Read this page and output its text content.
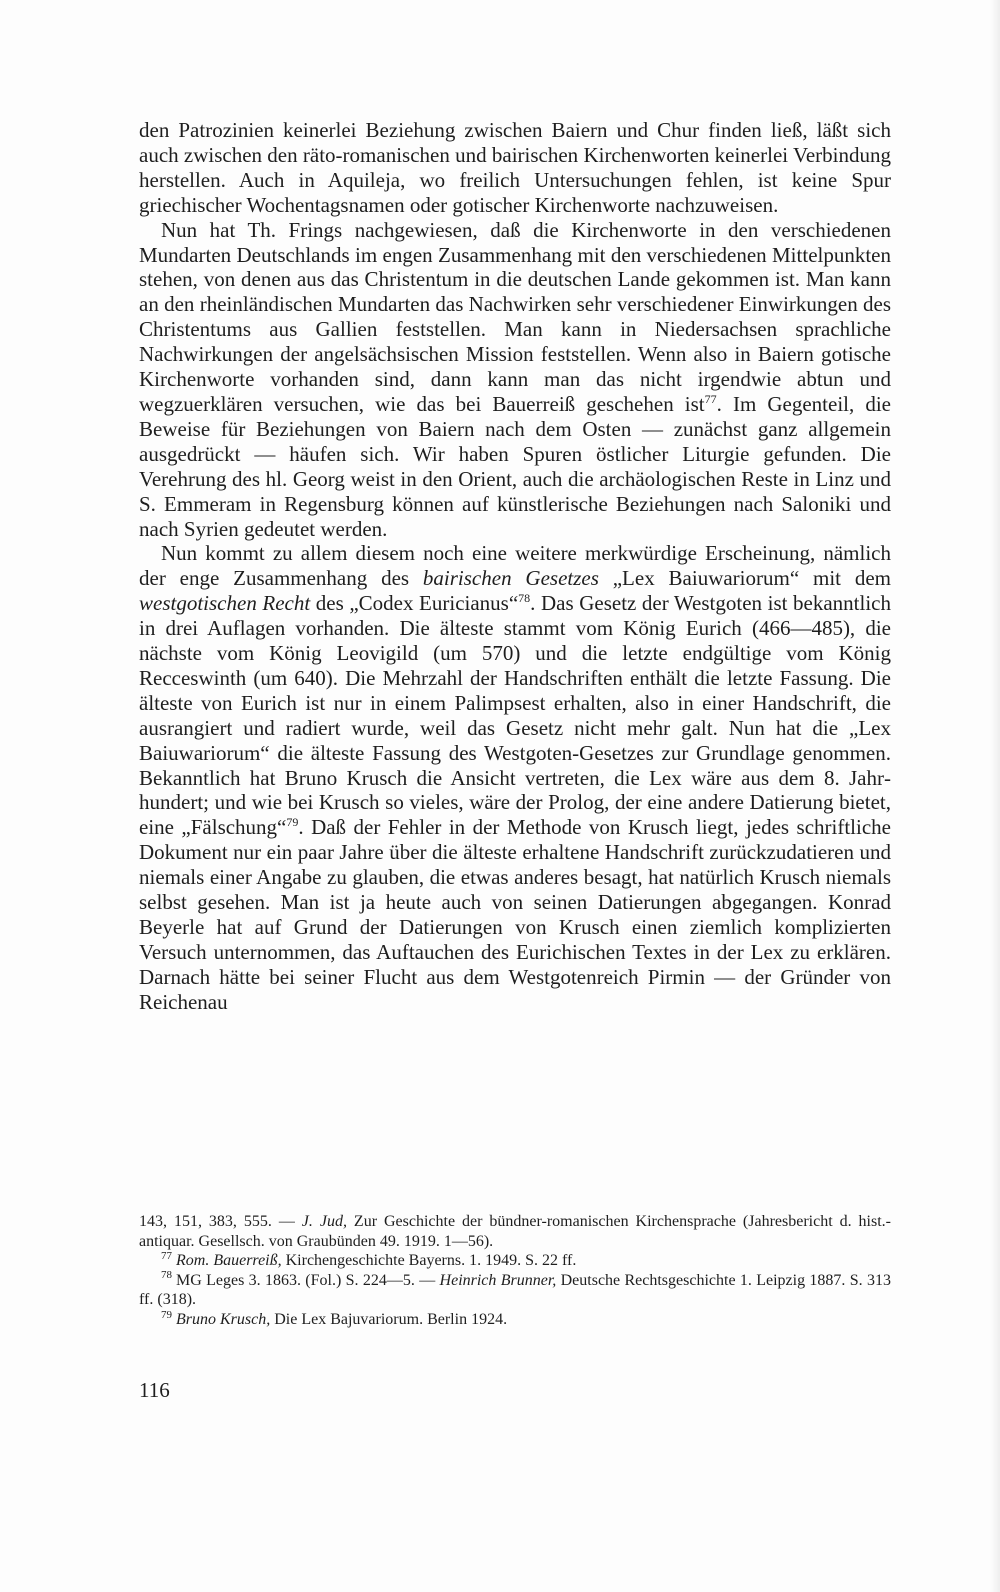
den Patrozinien keinerlei Beziehung zwischen Baiern und Chur finden ließ, läßt sich auch zwischen den räto-romanischen und bairischen Kirchenworten keinerlei Verbindung herstellen. Auch in Aquileja, wo freilich Untersuchungen fehlen, ist keine Spur griechischer Wochentagsnamen oder gotischer Kirchenworte nachzuweisen.

Nun hat Th. Frings nachgewiesen, daß die Kirchenworte in den verschiedenen Mundarten Deutschlands im engen Zusammenhang mit den verschiedenen Mittelpunkten stehen, von denen aus das Christentum in die deutschen Lande gekommen ist. Man kann an den rheinländischen Mundarten das Nachwirken sehr verschiedener Einwirkungen des Christentums aus Gallien feststellen. Man kann in Niedersachsen sprachliche Nachwirkungen der angelsächsischen Mission feststellen. Wenn also in Baiern gotische Kirchenworte vorhanden sind, dann kann man das nicht irgendwie abtun und wegzuerklären versuchen, wie das bei Bauerreiß geschehen ist$^{77}$. Im Gegenteil, die Beweise für Beziehungen von Baiern nach dem Osten — zunächst ganz allgemein ausgedrückt — häufen sich. Wir haben Spuren östlicher Liturgie gefunden. Die Verehrung des hl. Georg weist in den Orient, auch die archäologischen Reste in Linz und S. Emmeram in Regensburg können auf künstlerische Beziehungen nach Saloniki und nach Syrien gedeutet werden.

Nun kommt zu allem diesem noch eine weitere merkwürdige Erscheinung, nämlich der enge Zusammenhang des bairischen Gesetzes „Lex Baiuwariorum“ mit dem westgotischen Recht des „Codex Euricianus“$^{78}$. Das Gesetz der Westgoten ist bekanntlich in drei Auflagen vorhanden. Die älteste stammt vom König Eurich (466—485), die nächste vom König Leovigild (um 570) und die letzte endgültige vom König Recceswinth (um 640). Die Mehrzahl der Handschriften enthält die letzte Fassung. Die älteste von Eurich ist nur in einem Palimpsest erhalten, also in einer Handschrift, die ausrangiert und radiert wurde, weil das Gesetz nicht mehr galt. Nun hat die „Lex Baiuwariorum“ die älteste Fassung des Westgoten-Gesetzes zur Grundlage genommen. Bekanntlich hat Bruno Krusch die Ansicht vertreten, die Lex wäre aus dem 8. Jahrhundert; und wie bei Krusch so vieles, wäre der Prolog, der eine andere Datierung bietet, eine „Fälschung“$^{79}$. Daß der Fehler in der Methode von Krusch liegt, jedes schriftliche Dokument nur ein paar Jahre über die älteste erhaltene Handschrift zurückzudatieren und niemals einer Angabe zu glauben, die etwas anderes besagt, hat natürlich Krusch niemals selbst gesehen. Man ist ja heute auch von seinen Datierungen abgegangen. Konrad Beyerle hat auf Grund der Datierungen von Krusch einen ziemlich komplizierten Versuch unternommen, das Auftauchen des Eurichischen Textes in der Lex zu erklären. Darnach hätte bei seiner Flucht aus dem Westgotenreich Pirmin — der Gründer von Reichenau

143, 151, 383, 555. — J. Jud, Zur Geschichte der bündner-romanischen Kirchensprache (Jahresbericht d. hist.-antiquar. Gesellsch. von Graubünden 49. 1919. 1—56).

$^{77}$ Rom. Bauerreiß, Kirchengeschichte Bayerns. 1. 1949. S. 22 ff.

$^{78}$ MG Leges 3. 1863. (Fol.) S. 224—5. — Heinrich Brunner, Deutsche Rechtsgeschichte 1. Leipzig 1887. S. 313 ff. (318).

$^{79}$ Bruno Krusch, Die Lex Bajuvariorum. Berlin 1924.

116
